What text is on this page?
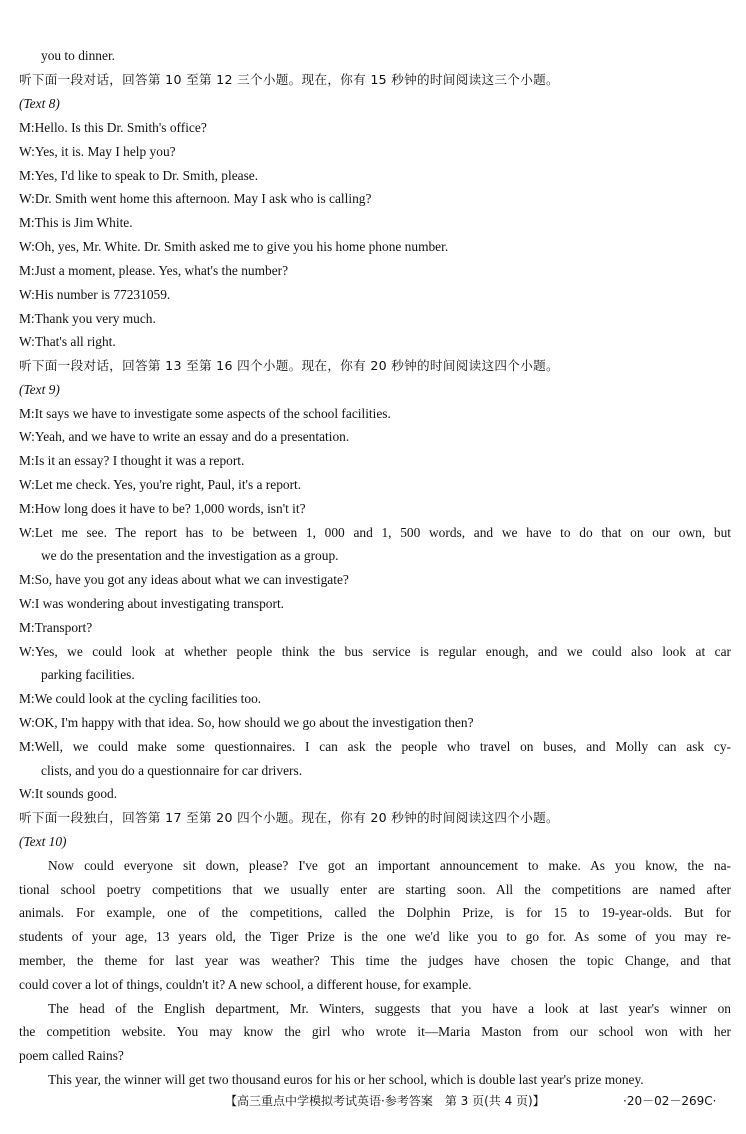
you to dinner.
听下面一段对话，回答第 10 至第 12 三个小题。现在，你有 15 秒钟的时间阅读这三个小题。
(Text 8)
M:Hello. Is this Dr. Smith's office?
W:Yes, it is. May I help you?
M:Yes, I'd like to speak to Dr. Smith, please.
W:Dr. Smith went home this afternoon. May I ask who is calling?
M:This is Jim White.
W:Oh, yes, Mr. White. Dr. Smith asked me to give you his home phone number.
M:Just a moment, please. Yes, what's the number?
W:His number is 77231059.
M:Thank you very much.
W:That's all right.
听下面一段对话，回答第 13 至第 16 四个小题。现在，你有 20 秒钟的时间阅读这四个小题。
(Text 9)
M:It says we have to investigate some aspects of the school facilities.
W:Yeah, and we have to write an essay and do a presentation.
M:Is it an essay? I thought it was a report.
W:Let me check. Yes, you're right, Paul, it's a report.
M:How long does it have to be? 1,000 words, isn't it?
W:Let me see. The report has to be between 1, 000 and 1, 500 words, and we have to do that on our own, but
we do the presentation and the investigation as a group.
M:So, have you got any ideas about what we can investigate?
W:I was wondering about investigating transport.
M:Transport?
W:Yes, we could look at whether people think the bus service is regular enough, and we could also look at car
parking facilities.
M:We could look at the cycling facilities too.
W:OK, I'm happy with that idea. So, how should we go about the investigation then?
M:Well, we could make some questionnaires. I can ask the people who travel on buses, and Molly can ask cy-
clists, and you do a questionnaire for car drivers.
W:It sounds good.
听下面一段独白，回答第 17 至第 20 四个小题。现在，你有 20 秒钟的时间阅读这四个小题。
(Text 10)
Now could everyone sit down, please? I've got an important announcement to make. As you know, the na-
tional school poetry competitions that we usually enter are starting soon. All the competitions are named after
animals. For example, one of the competitions, called the Dolphin Prize, is for 15 to 19-year-olds. But for
students of your age, 13 years old, the Tiger Prize is the one we'd like you to go for. As some of you may re-
member, the theme for last year was weather? This time the judges have chosen the topic Change, and that
could cover a lot of things, couldn't it? A new school, a different house, for example.
The head of the English department, Mr. Winters, suggests that you have a look at last year's winner on
the competition website. You may know the girl who wrote it—Maria Maston from our school won with her
poem called Rains?
This year, the winner will get two thousand euros for his or her school, which is double last year's prize money.
【高三重点中学模拟考试英语·参考答案　第 3 页(共 4 页)】	·20－02－269C·
